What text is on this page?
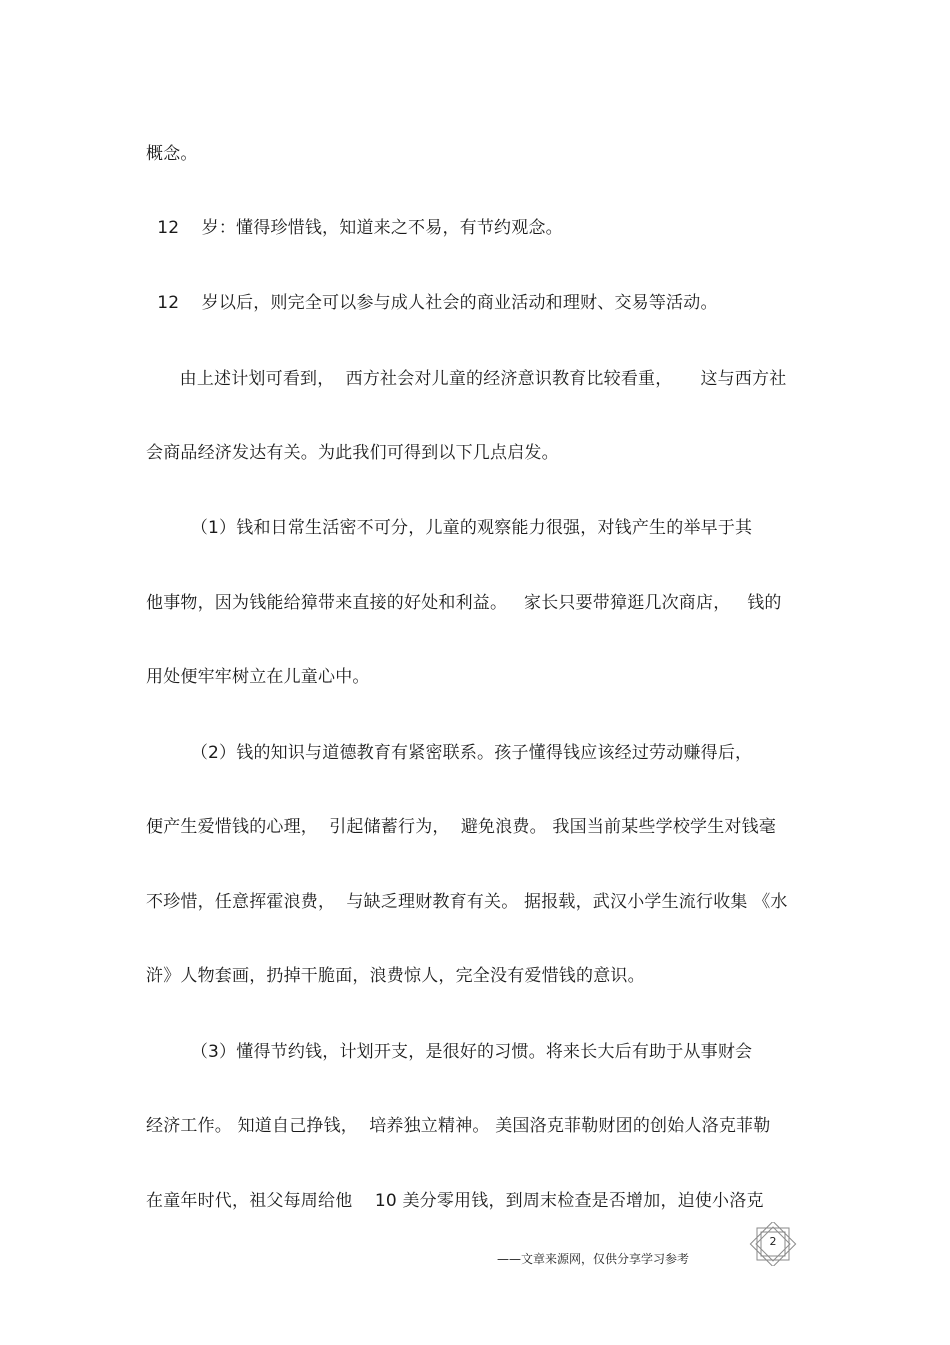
概念。
12    岁：懂得珍惜钱，知道来之不易，有节约观念。
12    岁以后，则完全可以参与成人社会的商业活动和理财、交易等活动。
由上述计划可看到，  西方社会对儿童的经济意识教育比较看重，     这与西方社
会商品经济发达有关。为此我们可得到以下几点启发。
（1）钱和日常生活密不可分，儿童的观察能力很强，对钱产生的举早于其
他事物，因为钱能给獐带来直接的好处和利益。   家长只要带獐逛几次商店，   钱的
用处便牢牢树立在儿童心中。
（2）钱的知识与道德教育有紧密联系。孩子懂得钱应该经过劳动赚得后，
便产生爱惜钱的心理，  引起储蓄行为，  避免浪费。 我国当前某些学校学生对钱毫
不珍惜，任意挥霍浪费，  与缺乏理财教育有关。 据报载，武汉小学生流行收集 《水
浒》人物套画，扔掉干脆面，浪费惊人，完全没有爱惜钱的意识。
（3）懂得节约钱，计划开支，是很好的习惯。将来长大后有助于从事财会
经济工作。 知道自己挣钱，  培养独立精神。 美国洛克菲勒财团的创始人洛克菲勒
在童年时代，祖父每周给他    10 美分零用钱，到周末检查是否增加，迫使小洛克
——文章来源网，仅供分享学习参考
2
